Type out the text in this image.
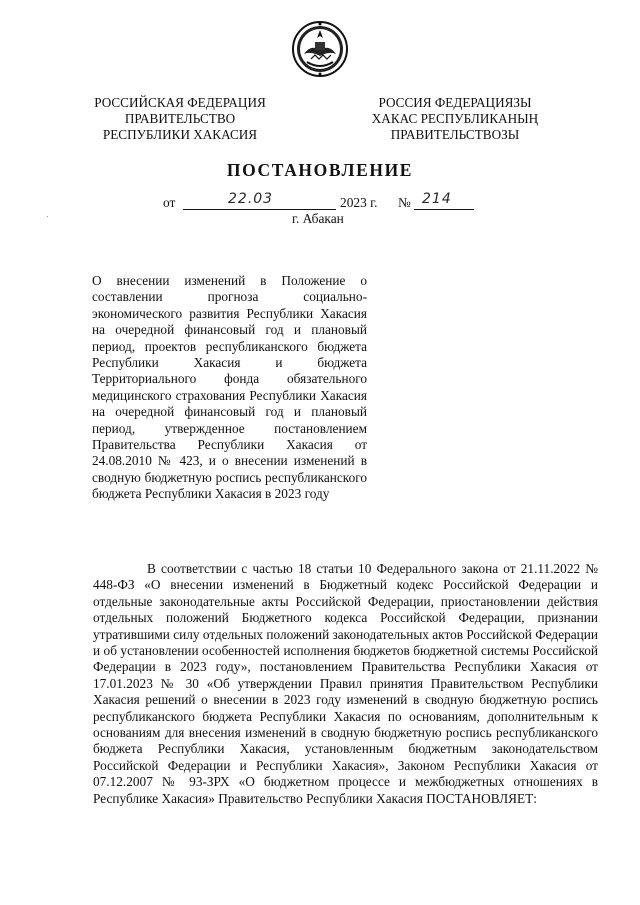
РОССИЙСКАЯ ФЕДЕРАЦИЯ
ПРАВИТЕЛЬСТВО
РЕСПУБЛИКИ ХАКАСИЯ
РОССИЯ ФЕДЕРАЦИЯЗЫ
ХАКАС РЕСПУБЛИКАНЫҢ
ПРАВИТЕЛЬСТВОЗЫ
ПОСТАНОВЛЕНИЕ
от	22.03	2023 г. № 214
г. Абакан
О внесении изменений в Положение о составлении прогноза социально-экономического развития Республики Хакасия на очередной финансовый год и плановый период, проектов республиканского бюджета Республики Хакасия и бюджета Территориального фонда обязательного медицинского страхования Республики Хакасия на очередной финансовый год и плановый период, утвержденное постановлением Правительства Республики Хакасия от 24.08.2010 № 423, и о внесении изменений в сводную бюджетную роспись республиканского бюджета Республики Хакасия в 2023 году

В соответствии с частью 18 статьи 10 Федерального закона от 21.11.2022 № 448-ФЗ «О внесении изменений в Бюджетный кодекс Российской Федерации и отдельные законодательные акты Российской Федерации, приостановлении действия отдельных положений Бюджетного кодекса Российской Федерации, признании утратившими силу отдельных положений законодательных актов Российской Федерации и об установлении особенностей исполнения бюджетов бюджетной системы Российской Федерации в 2023 году», постановлением Правительства Республики Хакасия от 17.01.2023 № 30 «Об утверждении Правил принятия Правительством Республики Хакасия решений о внесении в 2023 году изменений в сводную бюджетную роспись республиканского бюджета Республики Хакасия по основаниям, дополнительным к основаниям для внесения изменений в сводную бюджетную роспись республиканского бюджета Республики Хакасия, установленным бюджетным законодательством Российской Федерации и Республики Хакасия», Законом Республики Хакасия от 07.12.2007 № 93-ЗРХ «О бюджетном процессе и межбюджетных отношениях в Республике Хакасия» Правительство Республики Хакасия ПОСТАНОВЛЯЕТ:
